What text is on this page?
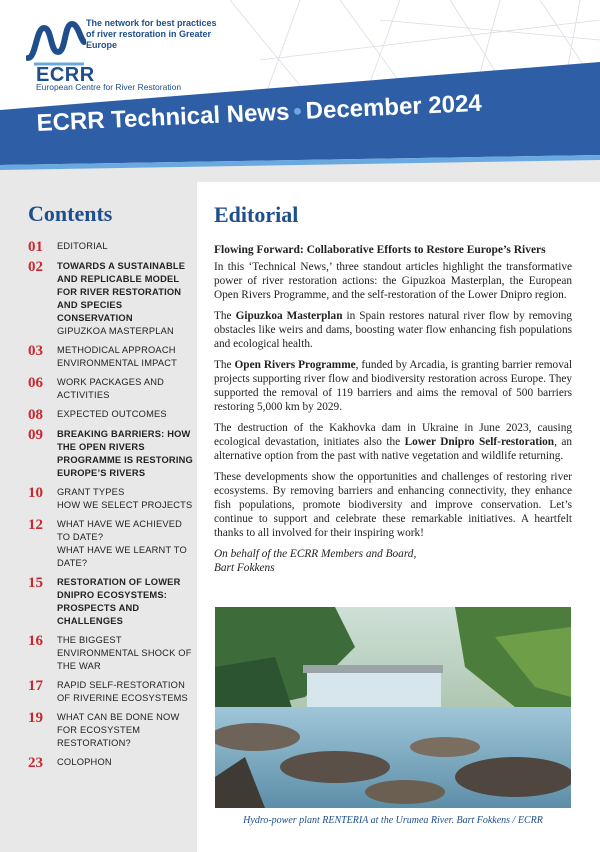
The network for best practices of river restoration in Greater Europe
ECRR
European Centre for River Restoration
ECRR Technical News • December 2024
Contents
01	EDITORIAL
02	TOWARDS A SUSTAINABLE AND REPLICABLE MODEL FOR RIVER RESTORATION AND SPECIES CONSERVATION
GIPUZKOA MASTERPLAN
03	METHODICAL APPROACH
ENVIRONMENTAL IMPACT
06	WORK PACKAGES AND ACTIVITIES
08	EXPECTED OUTCOMES
09	BREAKING BARRIERS: HOW THE OPEN RIVERS PROGRAMME IS RESTORING EUROPE’S RIVERS
10	GRANT TYPES
HOW WE SELECT PROJECTS
12	WHAT HAVE WE ACHIEVED TO DATE?
WHAT HAVE WE LEARNT TO DATE?
15	RESTORATION OF LOWER DNIPRO ECOSYSTEMS: PROSPECTS AND CHALLENGES
16	THE BIGGEST ENVIRONMENTAL SHOCK OF THE WAR
17	RAPID SELF-RESTORATION OF RIVERINE ECOSYSTEMS
19	WHAT CAN BE DONE NOW FOR ECOSYSTEM RESTORATION?
23	COLOPHON
Editorial
Flowing Forward: Collaborative Efforts to Restore Europe’s Rivers

In this ‘Technical News,’ three standout articles highlight the transformative power of river restoration actions: the Gipuzkoa Masterplan, the European Open Rivers Programme, and the self-restoration of the Lower Dnipro region.

The Gipuzkoa Masterplan in Spain restores natural river flow by removing obstacles like weirs and dams, boosting water flow enhancing fish populations and ecological health.

The Open Rivers Programme, funded by Arcadia, is granting barrier removal projects supporting river flow and biodiversity restoration across Europe. They supported the removal of 119 barriers and aims the removal of 500 barriers restoring 5,000 km by 2029.

The destruction of the Kakhovka dam in Ukraine in June 2023, causing ecological devastation, initiates also the Lower Dnipro Self-restoration, an alternative option from the past with native vegetation and wildlife returning.

These developments show the opportunities and challenges of restoring river ecosystems. By removing barriers and enhancing connectivity, they enhance fish populations, promote biodiversity and improve conservation. Let’s continue to support and celebrate these remarkable initiatives. A heartfelt thanks to all involved for their inspiring work!

On behalf of the ECRR Members and Board,

Bart Fokkens

Hydro-power plant RENTERIA at the Urumea River. Bart Fokkens / ECRR
